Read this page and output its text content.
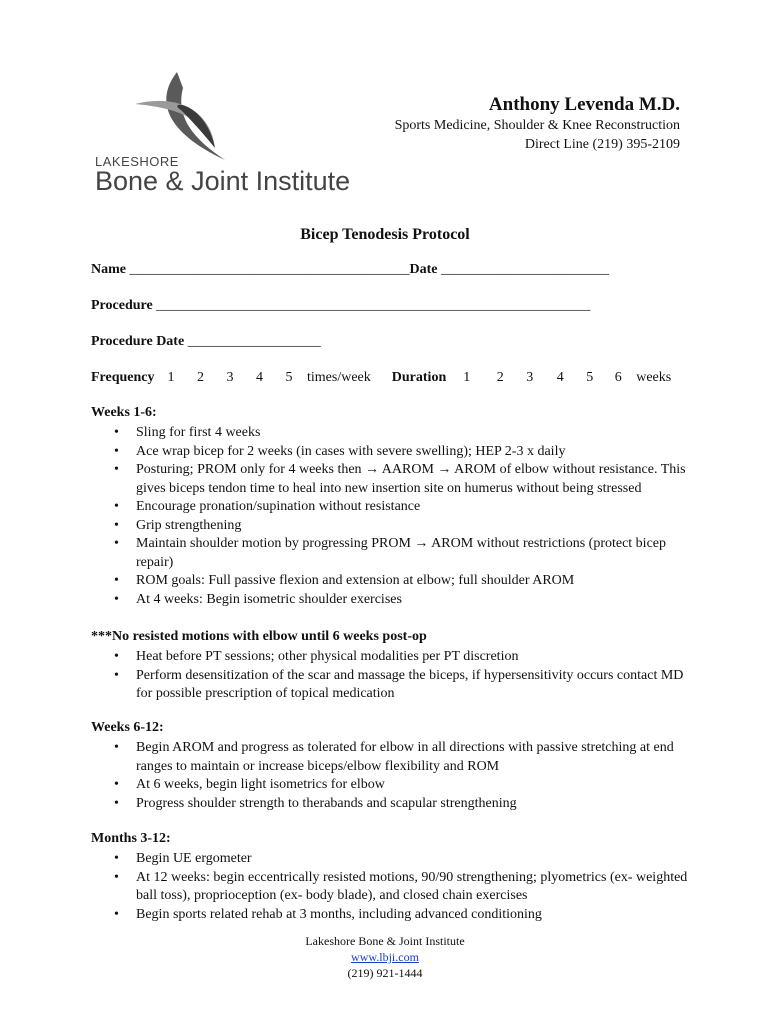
LAKESHORE
Bone & Joint Institute
Anthony Levenda M.D.
Sports Medicine, Shoulder & Knee Reconstruction
Direct Line (219) 395-2109
Bicep Tenodesis Protocol
Name ________________________________________Date ________________________
Procedure ______________________________________________________________
Procedure Date ___________________
Frequency 1 2 3 4 5 times/week Duration 1 2 3 4 5 6 weeks
Weeks 1-6:
• Sling for first 4 weeks
• Ace wrap bicep for 2 weeks (in cases with severe swelling); HEP 2-3 x daily
• Posturing; PROM only for 4 weeks then → AAROM → AROM of elbow without resistance. This gives biceps tendon time to heal into new insertion site on humerus without being stressed
• Encourage pronation/supination without resistance
• Grip strengthening
• Maintain shoulder motion by progressing PROM → AROM without restrictions (protect bicep repair)
• ROM goals: Full passive flexion and extension at elbow; full shoulder AROM
• At 4 weeks: Begin isometric shoulder exercises
***No resisted motions with elbow until 6 weeks post-op
• Heat before PT sessions; other physical modalities per PT discretion
• Perform desensitization of the scar and massage the biceps, if hypersensitivity occurs contact MD for possible prescription of topical medication
Weeks 6-12:
• Begin AROM and progress as tolerated for elbow in all directions with passive stretching at end ranges to maintain or increase biceps/elbow flexibility and ROM
• At 6 weeks, begin light isometrics for elbow
• Progress shoulder strength to therabands and scapular strengthening
Months 3-12:
• Begin UE ergometer
• At 12 weeks: begin eccentrically resisted motions, 90/90 strengthening; plyometrics (ex- weighted ball toss), proprioception (ex- body blade), and closed chain exercises
• Begin sports related rehab at 3 months, including advanced conditioning
Lakeshore Bone & Joint Institute
www.lbji.com
(219) 921-1444
